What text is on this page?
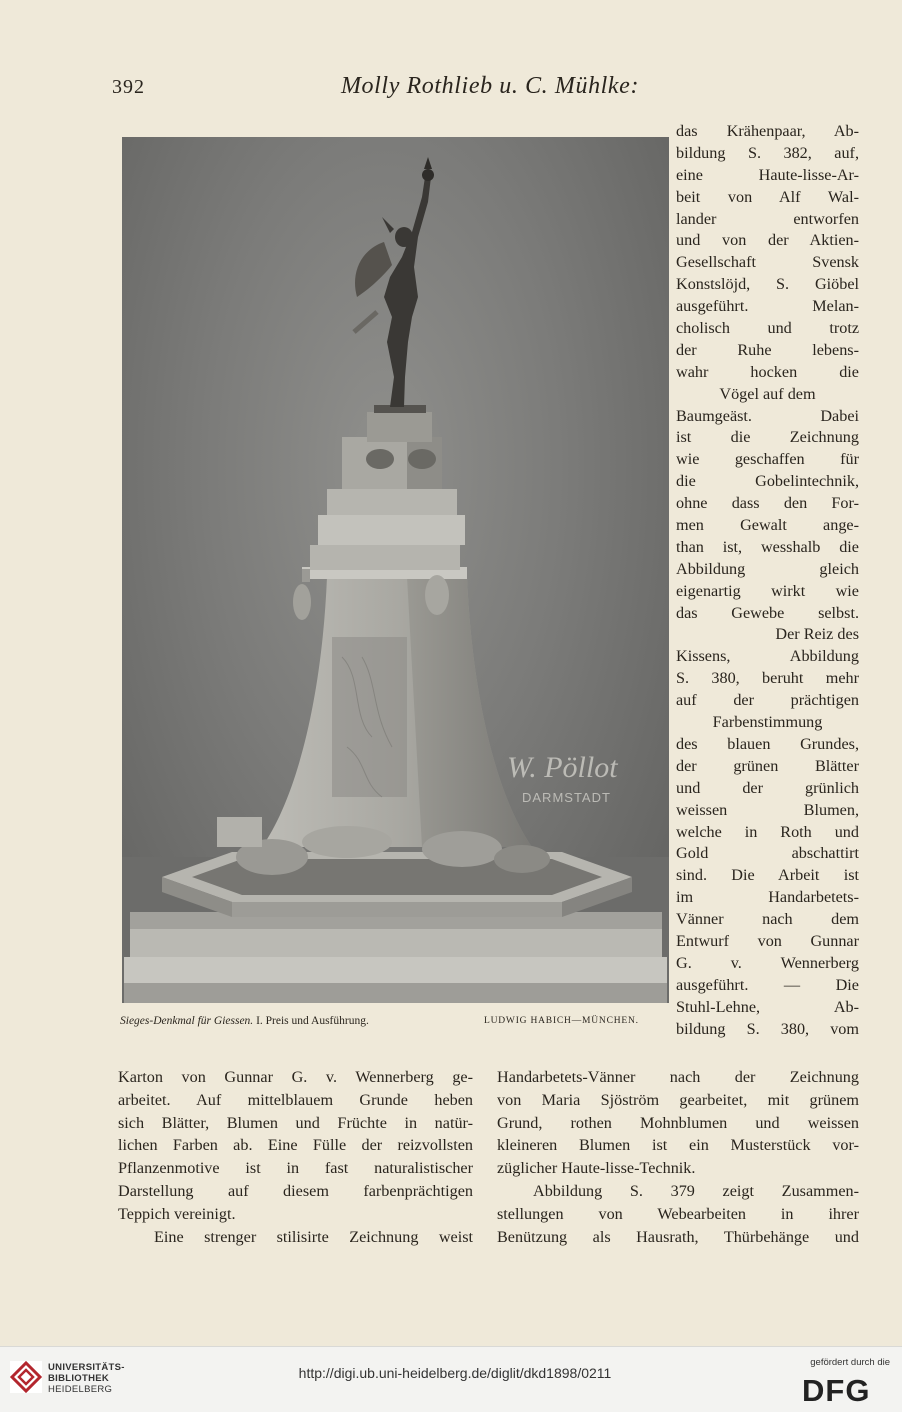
392	Molly Rothlieb u. C. Mühlke:
W. Pöllot
DARMSTADT
Sieges-Denkmal für Giessen. I. Preis und Ausführung.	LUDWIG HABICH—MÜNCHEN.
das Krähenpaar, Ab-
bildung S. 382, auf,
eine Haute-lisse-Ar-
beit von Alf Wal-
lander entworfen
und von der Aktien-
Gesellschaft Svensk
Konstslöjd, S. Giöbel
ausgeführt. Melan-
cholisch und trotz
der Ruhe lebens-
wahr hocken die
Vögel auf dem
Baumgeäst. Dabei
ist die Zeichnung
wie geschaffen für
die Gobelintechnik,
ohne dass den For-
men Gewalt ange-
than ist, wesshalb die
Abbildung gleich
eigenartig wirkt wie
das Gewebe selbst.
Der Reiz des
Kissens, Abbildung
S. 380, beruht mehr
auf der prächtigen
Farbenstimmung
des blauen Grundes,
der grünen Blätter
und der grünlich
weissen Blumen,
welche in Roth und
Gold abschattirt
sind. Die Arbeit ist
im Handarbetets-
Vänner nach dem
Entwurf von Gunnar
G. v. Wennerberg
ausgeführt. — Die
Stuhl-Lehne, Ab-
bildung S. 380, vom
Karton von Gunnar G. v. Wennerberg ge-
arbeitet. Auf mittelblauem Grunde heben
sich Blätter, Blumen und Früchte in natür-
lichen Farben ab. Eine Fülle der reizvollsten
Pflanzenmotive ist in fast naturalistischer
Darstellung auf diesem farbenprächtigen
Teppich vereinigt.
Eine strenger stilisirte Zeichnung weist
Handarbetets-Vänner nach der Zeichnung
von Maria Sjöström gearbeitet, mit grünem
Grund, rothen Mohnblumen und weissen
kleineren Blumen ist ein Musterstück vor-
züglicher Haute-lisse-Technik.
Abbildung S. 379 zeigt Zusammen-
stellungen von Webearbeiten in ihrer
Benützung als Hausrath, Thürbehänge und
UNIVERSITÄTS-
BIBLIOTHEK
HEIDELBERG
http://digi.ub.uni-heidelberg.de/diglit/dkd1898/0211
gefördert durch die
DFG
